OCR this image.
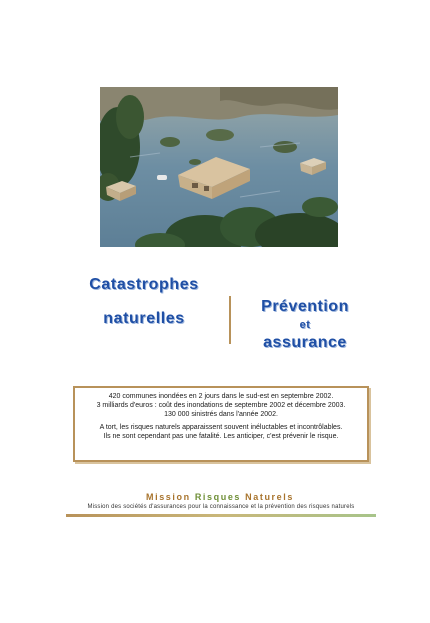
Catastrophes
naturelles
Prévention
et
assurance

420 communes inondées en 2 jours dans le sud-est en septembre 2002.

3 milliards d'euros : coût des inondations de septembre 2002 et décembre 2003.

130 000 sinistrés dans l'année 2002.

A tort, les risques naturels apparaissent souvent inéluctables et incontrôlables.

Ils ne sont cependant pas une fatalité. Les anticiper, c'est prévenir le risque.

Mission Risques Naturels
Mission des sociétés d'assurances pour la connaissance et la prévention des risques naturels
